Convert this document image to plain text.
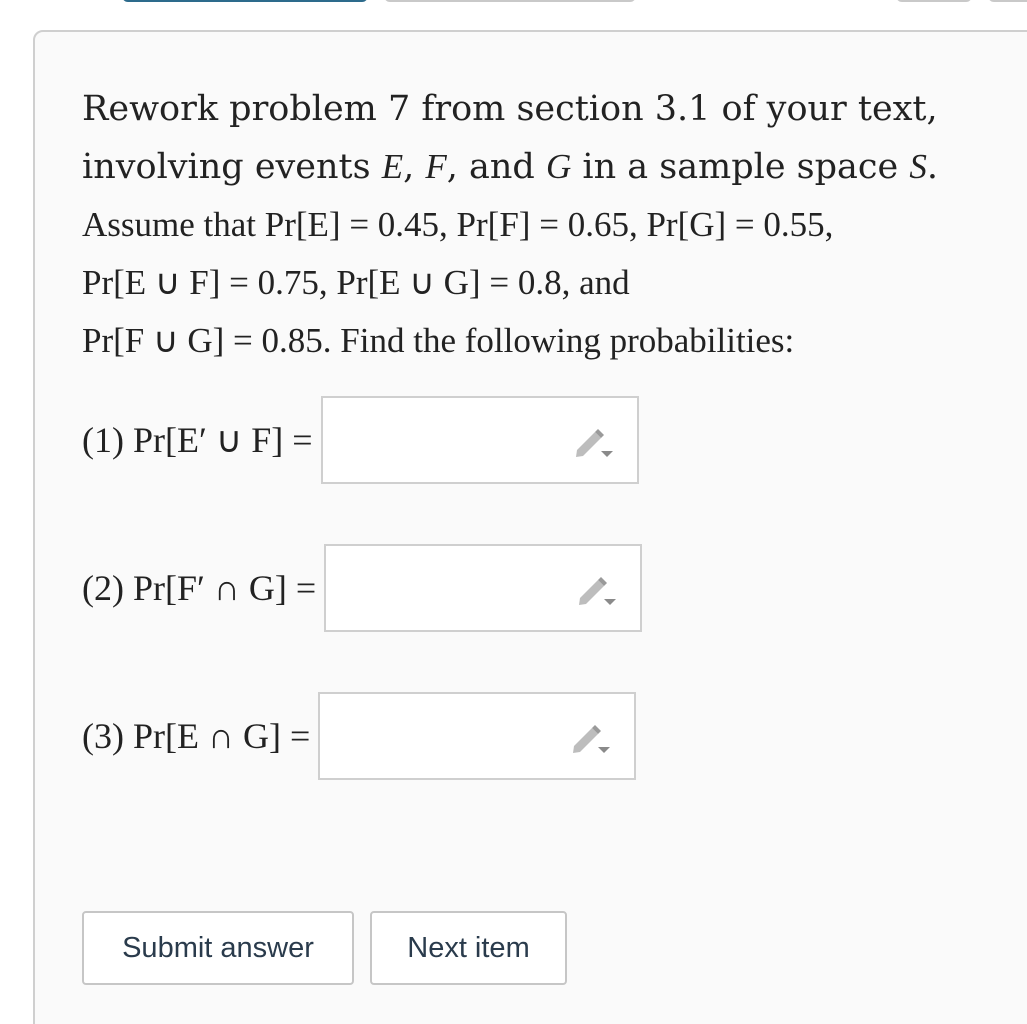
Rework problem 7 from section 3.1 of your text,

involving events E, F, and G in a sample space S.

Assume that Pr[E] = 0.45, Pr[F] = 0.65, Pr[G] = 0.55,

Pr[E ∪ F] = 0.75, Pr[E ∪ G] = 0.8, and

Pr[F ∪ G] = 0.85. Find the following probabilities:

(1) Pr[E′ ∪ F] =
(2) Pr[F′ ∩ G] =
(3) Pr[E ∩ G] =
Submit answer	Next item
